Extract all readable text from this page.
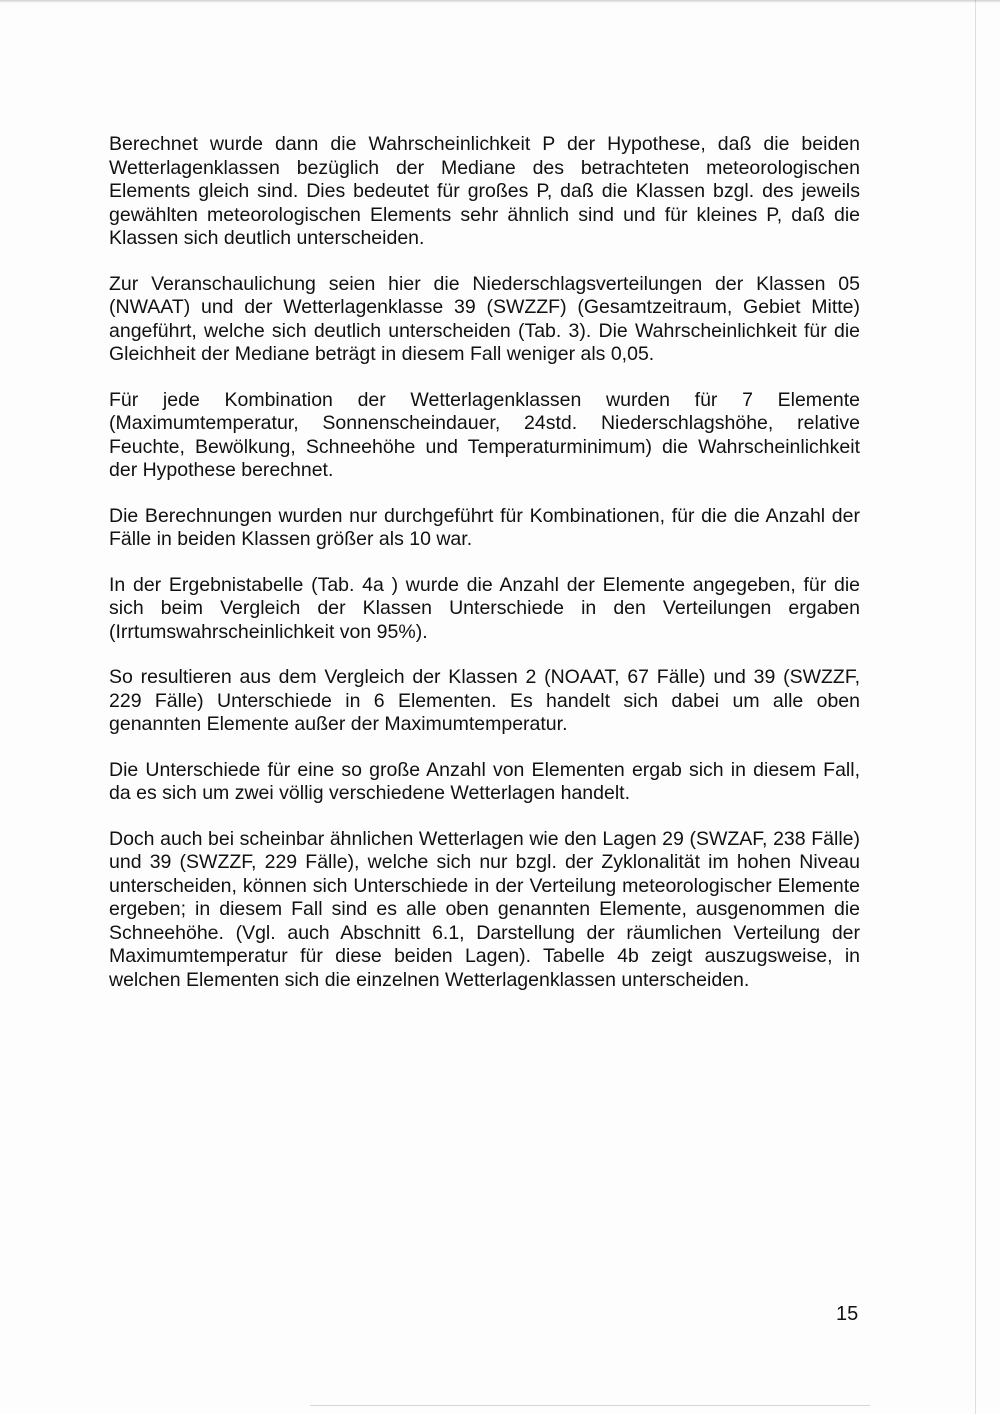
Berechnet wurde dann die Wahrscheinlichkeit P der Hypothese, daß die beiden Wetterlagenklassen bezüglich der Mediane des betrachteten meteorologischen Elements gleich sind. Dies bedeutet für großes P, daß die Klassen bzgl. des jeweils gewählten meteorologischen Elements sehr ähnlich sind und für kleines P, daß die Klassen sich deutlich unterscheiden.

Zur Veranschaulichung seien hier die Niederschlagsverteilungen der Klassen 05 (NWAAT) und der Wetterlagenklasse 39 (SWZZF) (Gesamtzeitraum, Gebiet Mitte) angeführt, welche sich deutlich unterscheiden (Tab. 3). Die Wahrscheinlichkeit für die Gleichheit der Mediane beträgt in diesem Fall weniger als 0,05.

Für jede Kombination der Wetterlagenklassen wurden für 7 Elemente (Maximumtemperatur, Sonnenscheindauer, 24std. Niederschlagshöhe, relative Feuchte, Bewölkung, Schneehöhe und Temperaturminimum) die Wahrscheinlichkeit der Hypothese berechnet.

Die Berechnungen wurden nur durchgeführt für Kombinationen, für die die Anzahl der Fälle in beiden Klassen größer als 10 war.

In der Ergebnistabelle (Tab. 4a ) wurde die Anzahl der Elemente angegeben, für die sich beim Vergleich der Klassen Unterschiede in den Verteilungen ergaben (Irrtumswahrscheinlichkeit von 95%).

So resultieren aus dem Vergleich der Klassen 2 (NOAAT, 67 Fälle) und 39 (SWZZF, 229 Fälle) Unterschiede in 6 Elementen. Es handelt sich dabei um alle oben genannten Elemente außer der Maximumtemperatur.

Die Unterschiede für eine so große Anzahl von Elementen ergab sich in diesem Fall, da es sich um zwei völlig verschiedene Wetterlagen handelt.

Doch auch bei scheinbar ähnlichen Wetterlagen wie den Lagen 29 (SWZAF, 238 Fälle) und 39 (SWZZF, 229 Fälle), welche sich nur bzgl. der Zyklonalität im hohen Niveau unterscheiden, können sich Unterschiede in der Verteilung meteorologischer Elemente ergeben; in diesem Fall sind es alle oben genannten Elemente, ausgenommen die Schneehöhe. (Vgl. auch Abschnitt 6.1, Darstellung der räumlichen Verteilung der Maximumtemperatur für diese beiden Lagen). Tabelle 4b zeigt auszugsweise, in welchen Elementen sich die einzelnen Wetterlagenklassen unterscheiden.

15
